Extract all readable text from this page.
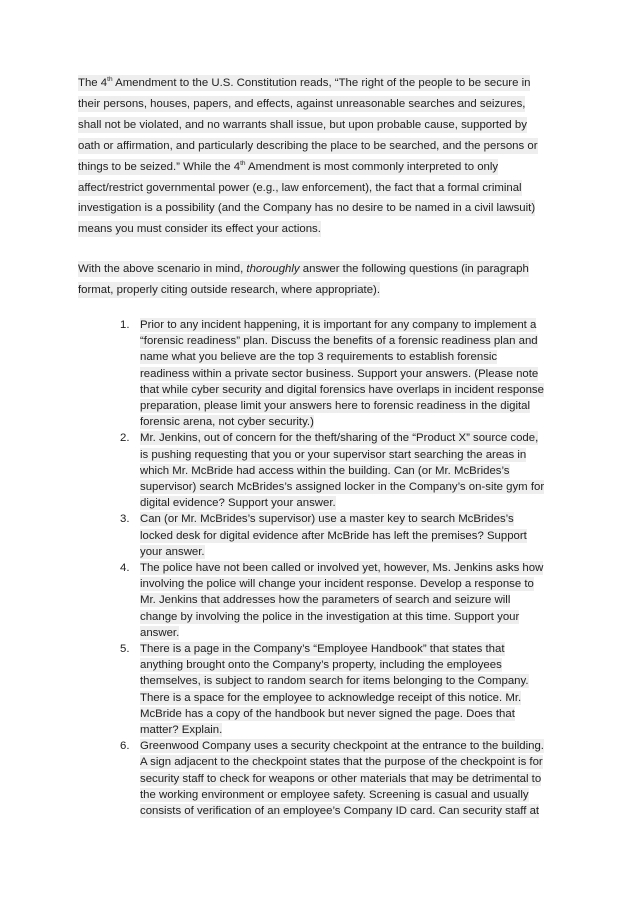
The 4th Amendment to the U.S. Constitution reads, “The right of the people to be secure in
their persons, houses, papers, and effects, against unreasonable searches and seizures,
shall not be violated, and no warrants shall issue, but upon probable cause, supported by
oath or affirmation, and particularly describing the place to be searched, and the persons or
things to be seized.” While the 4th Amendment is most commonly interpreted to only
affect/restrict governmental power (e.g., law enforcement), the fact that a formal criminal
investigation is a possibility (and the Company has no desire to be named in a civil lawsuit)
means you must consider its effect your actions.
With the above scenario in mind, thoroughly answer the following questions (in paragraph
format, properly citing outside research, where appropriate).
1. Prior to any incident happening, it is important for any company to implement a
“forensic readiness” plan. Discuss the benefits of a forensic readiness plan and
name what you believe are the top 3 requirements to establish forensic
readiness within a private sector business. Support your answers. (Please note
that while cyber security and digital forensics have overlaps in incident response
preparation, please limit your answers here to forensic readiness in the digital
forensic arena, not cyber security.)
2. Mr. Jenkins, out of concern for the theft/sharing of the “Product X” source code,
is pushing requesting that you or your supervisor start searching the areas in
which Mr. McBride had access within the building. Can (or Mr. McBrides’s
supervisor) search McBrides’s assigned locker in the Company’s on-site gym for
digital evidence? Support your answer.
3. Can (or Mr. McBrides’s supervisor) use a master key to search McBrides’s
locked desk for digital evidence after McBride has left the premises? Support
your answer.
4. The police have not been called or involved yet, however, Ms. Jenkins asks how
involving the police will change your incident response. Develop a response to
Mr. Jenkins that addresses how the parameters of search and seizure will
change by involving the police in the investigation at this time. Support your
answer.
5. There is a page in the Company’s “Employee Handbook” that states that
anything brought onto the Company’s property, including the employees
themselves, is subject to random search for items belonging to the Company.
There is a space for the employee to acknowledge receipt of this notice. Mr.
McBride has a copy of the handbook but never signed the page. Does that
matter? Explain.
6. Greenwood Company uses a security checkpoint at the entrance to the building.
A sign adjacent to the checkpoint states that the purpose of the checkpoint is for
security staff to check for weapons or other materials that may be detrimental to
the working environment or employee safety. Screening is casual and usually
consists of verification of an employee’s Company ID card. Can security staff at
